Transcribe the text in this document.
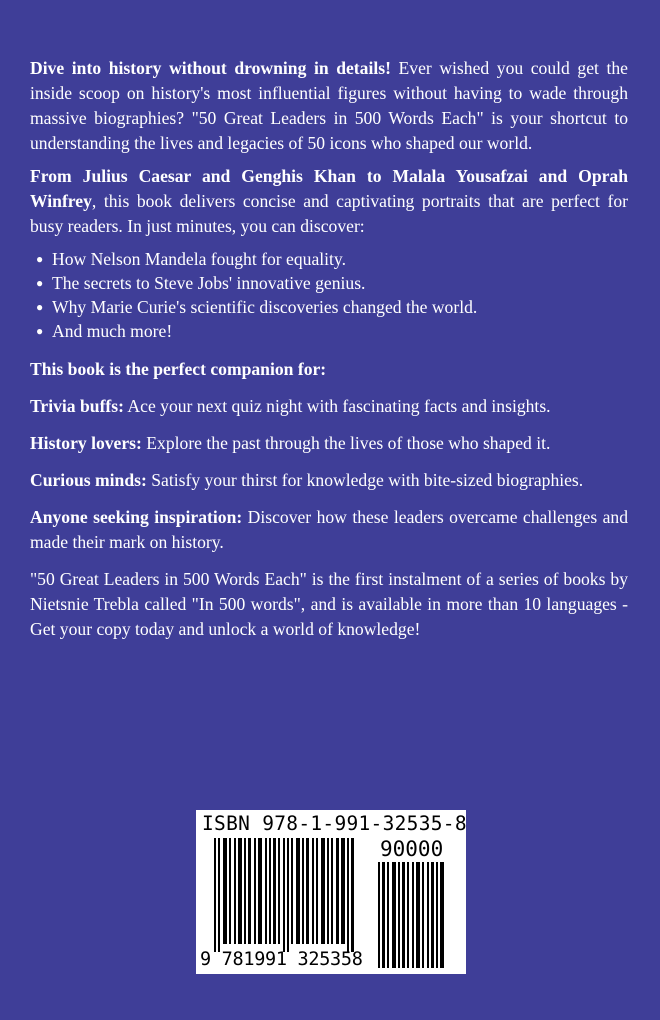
Dive into history without drowning in details! Ever wished you could get the inside scoop on history's most influential figures without having to wade through massive biographies? "50 Great Leaders in 500 Words Each" is your shortcut to understanding the lives and legacies of 50 icons who shaped our world.

From Julius Caesar and Genghis Khan to Malala Yousafzai and Oprah Winfrey, this book delivers concise and captivating portraits that are perfect for busy readers. In just minutes, you can discover:

● How Nelson Mandela fought for equality.
● The secrets to Steve Jobs' innovative genius.
● Why Marie Curie's scientific discoveries changed the world.
● And much more!

This book is the perfect companion for:

Trivia buffs: Ace your next quiz night with fascinating facts and insights.

History lovers: Explore the past through the lives of those who shaped it.

Curious minds: Satisfy your thirst for knowledge with bite-sized biographies.

Anyone seeking inspiration: Discover how these leaders overcame challenges and made their mark on history.

"50 Great Leaders in 500 Words Each" is the first instalment of a series of books by Nietsnie Trebla called "In 500 words", and is available in more than 10 languages - Get your copy today and unlock a world of knowledge!

ISBN 978-1-991-32535-8
90000
9 781991 325358
